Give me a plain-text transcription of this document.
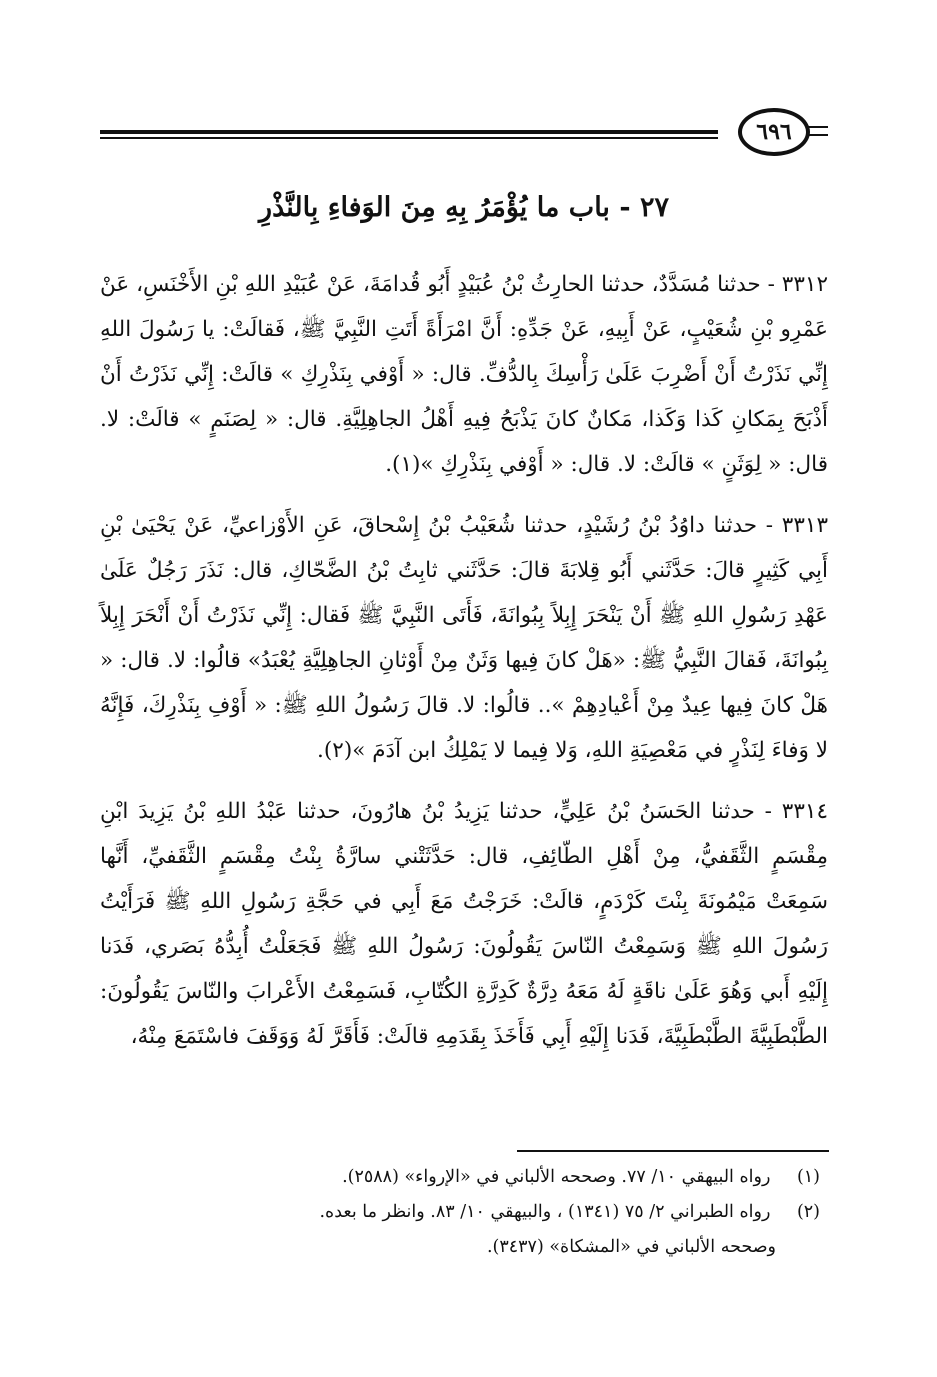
٦٩٦
٢٧ - باب ما يُؤْمَرُ بِهِ مِنَ الوَفاءِ بِالنَّذْرِ

٣٣١٢ - حدثنا مُسَدَّدٌ، حدثنا الحارِثُ بْنُ عُبَيْدٍ أَبُو قُدامَةَ، عَنْ عُبَيْدِ اللهِ بْنِ الأَخْنَسِ، عَنْ عَمْرِو بْنِ شُعَيْبٍ، عَنْ أَبِيهِ، عَنْ جَدِّهِ: أَنَّ امْرَأَةً أَتَتِ النَّبِيَّ ﷺ، فَقالَتْ: يا رَسُولَ اللهِ إِنِّي نَذَرْتُ أَنْ أَضْرِبَ عَلَىٰ رَأْسِكَ بِالدُّفِّ. قال: « أَوْفي بِنَذْرِكِ » قالَتْ: إِنِّي نَذَرْتُ أَنْ أَذْبَحَ بِمَكانِ كَذا وَكَذا، مَكانٌ كانَ يَذْبَحُ فِيهِ أَهْلُ الجاهِلِيَّةِ. قال: « لِصَنَمٍ » قالَتْ: لا. قال: « لِوَثَنٍ » قالَتْ: لا. قال: « أَوْفي بِنَذْرِكِ »(١).

٣٣١٣ - حدثنا داوُدُ بْنُ رُشَيْدٍ، حدثنا شُعَيْبُ بْنُ إِسْحاقَ، عَنِ الأَوْزاعيِّ، عَنْ يَحْيَىٰ بْنِ أَبِي كَثِيرٍ قالَ: حَدَّثَني أَبُو قِلابَةَ قالَ: حَدَّثَني ثابِتُ بْنُ الضَّحّاكِ، قال: نَذَرَ رَجُلٌ عَلَىٰ عَهْدِ رَسُولِ اللهِ ﷺ أَنْ يَنْحَرَ إِبِلاً بِبُوانَةَ، فَأَتَى النَّبِيَّ ﷺ فَقال: إِنِّي نَذَرْتُ أَنْ أَنْحَرَ إِبِلاً بِبُوانَةَ، فَقالَ النَّبِيُّ ﷺ: «هَلْ كانَ فِيها وَثَنٌ مِنْ أَوْثانِ الجاهِلِيَّةِ يُعْبَدُ» قالُوا: لا. قال: « هَلْ كانَ فِيها عِيدٌ مِنْ أَعْيادِهِمْ ».. قالُوا: لا. قالَ رَسُولُ اللهِ ﷺ: « أَوْفِ بِنَذْرِكَ، فَإِنَّهُ لا وَفاءَ لِنَذْرٍ في مَعْصِيَةِ اللهِ، وَلا فِيما لا يَمْلِكُ ابن آدَمَ »(٢).

٣٣١٤ - حدثنا الحَسَنُ بْنُ عَلِيٍّ، حدثنا يَزِيدُ بْنُ هارُونَ، حدثنا عَبْدُ اللهِ بْنُ يَزِيدَ ابْنِ مِقْسَمٍ الثَّقَفيُّ، مِنْ أَهْلِ الطّائِفِ، قال: حَدَّثَتْني سارَّةُ بِنْتُ مِقْسَمٍ الثَّقَفيِّ، أَنَّها سَمِعَتْ مَيْمُونَةَ بِنْتَ كَرْدَمٍ، قالَتْ: خَرَجْتُ مَعَ أَبِي في حَجَّةِ رَسُولِ اللهِ ﷺ فَرَأَيْتُ رَسُولَ اللهِ ﷺ وَسَمِعْتُ النّاسَ يَقُولُونَ: رَسُولُ اللهِ ﷺ فَجَعَلْتُ أُبِدُّهُ بَصَري، فَدَنا إِلَيْهِ أَبي وَهُوَ عَلَىٰ ناقَةٍ لَهُ مَعَهُ دِرَّةٌ كَدِرَّةِ الكُتّابِ، فَسَمِعْتُ الأَعْرابَ والنّاسَ يَقُولُونَ: الطَّبْطَبِيَّةَ الطَّبْطَبِيَّةَ، فَدَنا إِلَيْهِ أَبِي فَأَخَذَ بِقَدَمِهِ قالَتْ: فَأَقَرَّ لَهُ وَوَقَفَ فاسْتَمَعَ مِنْهُ،

(١) رواه البيهقي ١٠/ ٧٧. وصححه الألباني في «الإرواء» (٢٥٨٨).

(٢) رواه الطبراني ٢/ ٧٥ (١٣٤١) ، والبيهقي ١٠/ ٨٣. وانظر ما بعده.

وصححه الألباني في «المشكاة» (٣٤٣٧).
